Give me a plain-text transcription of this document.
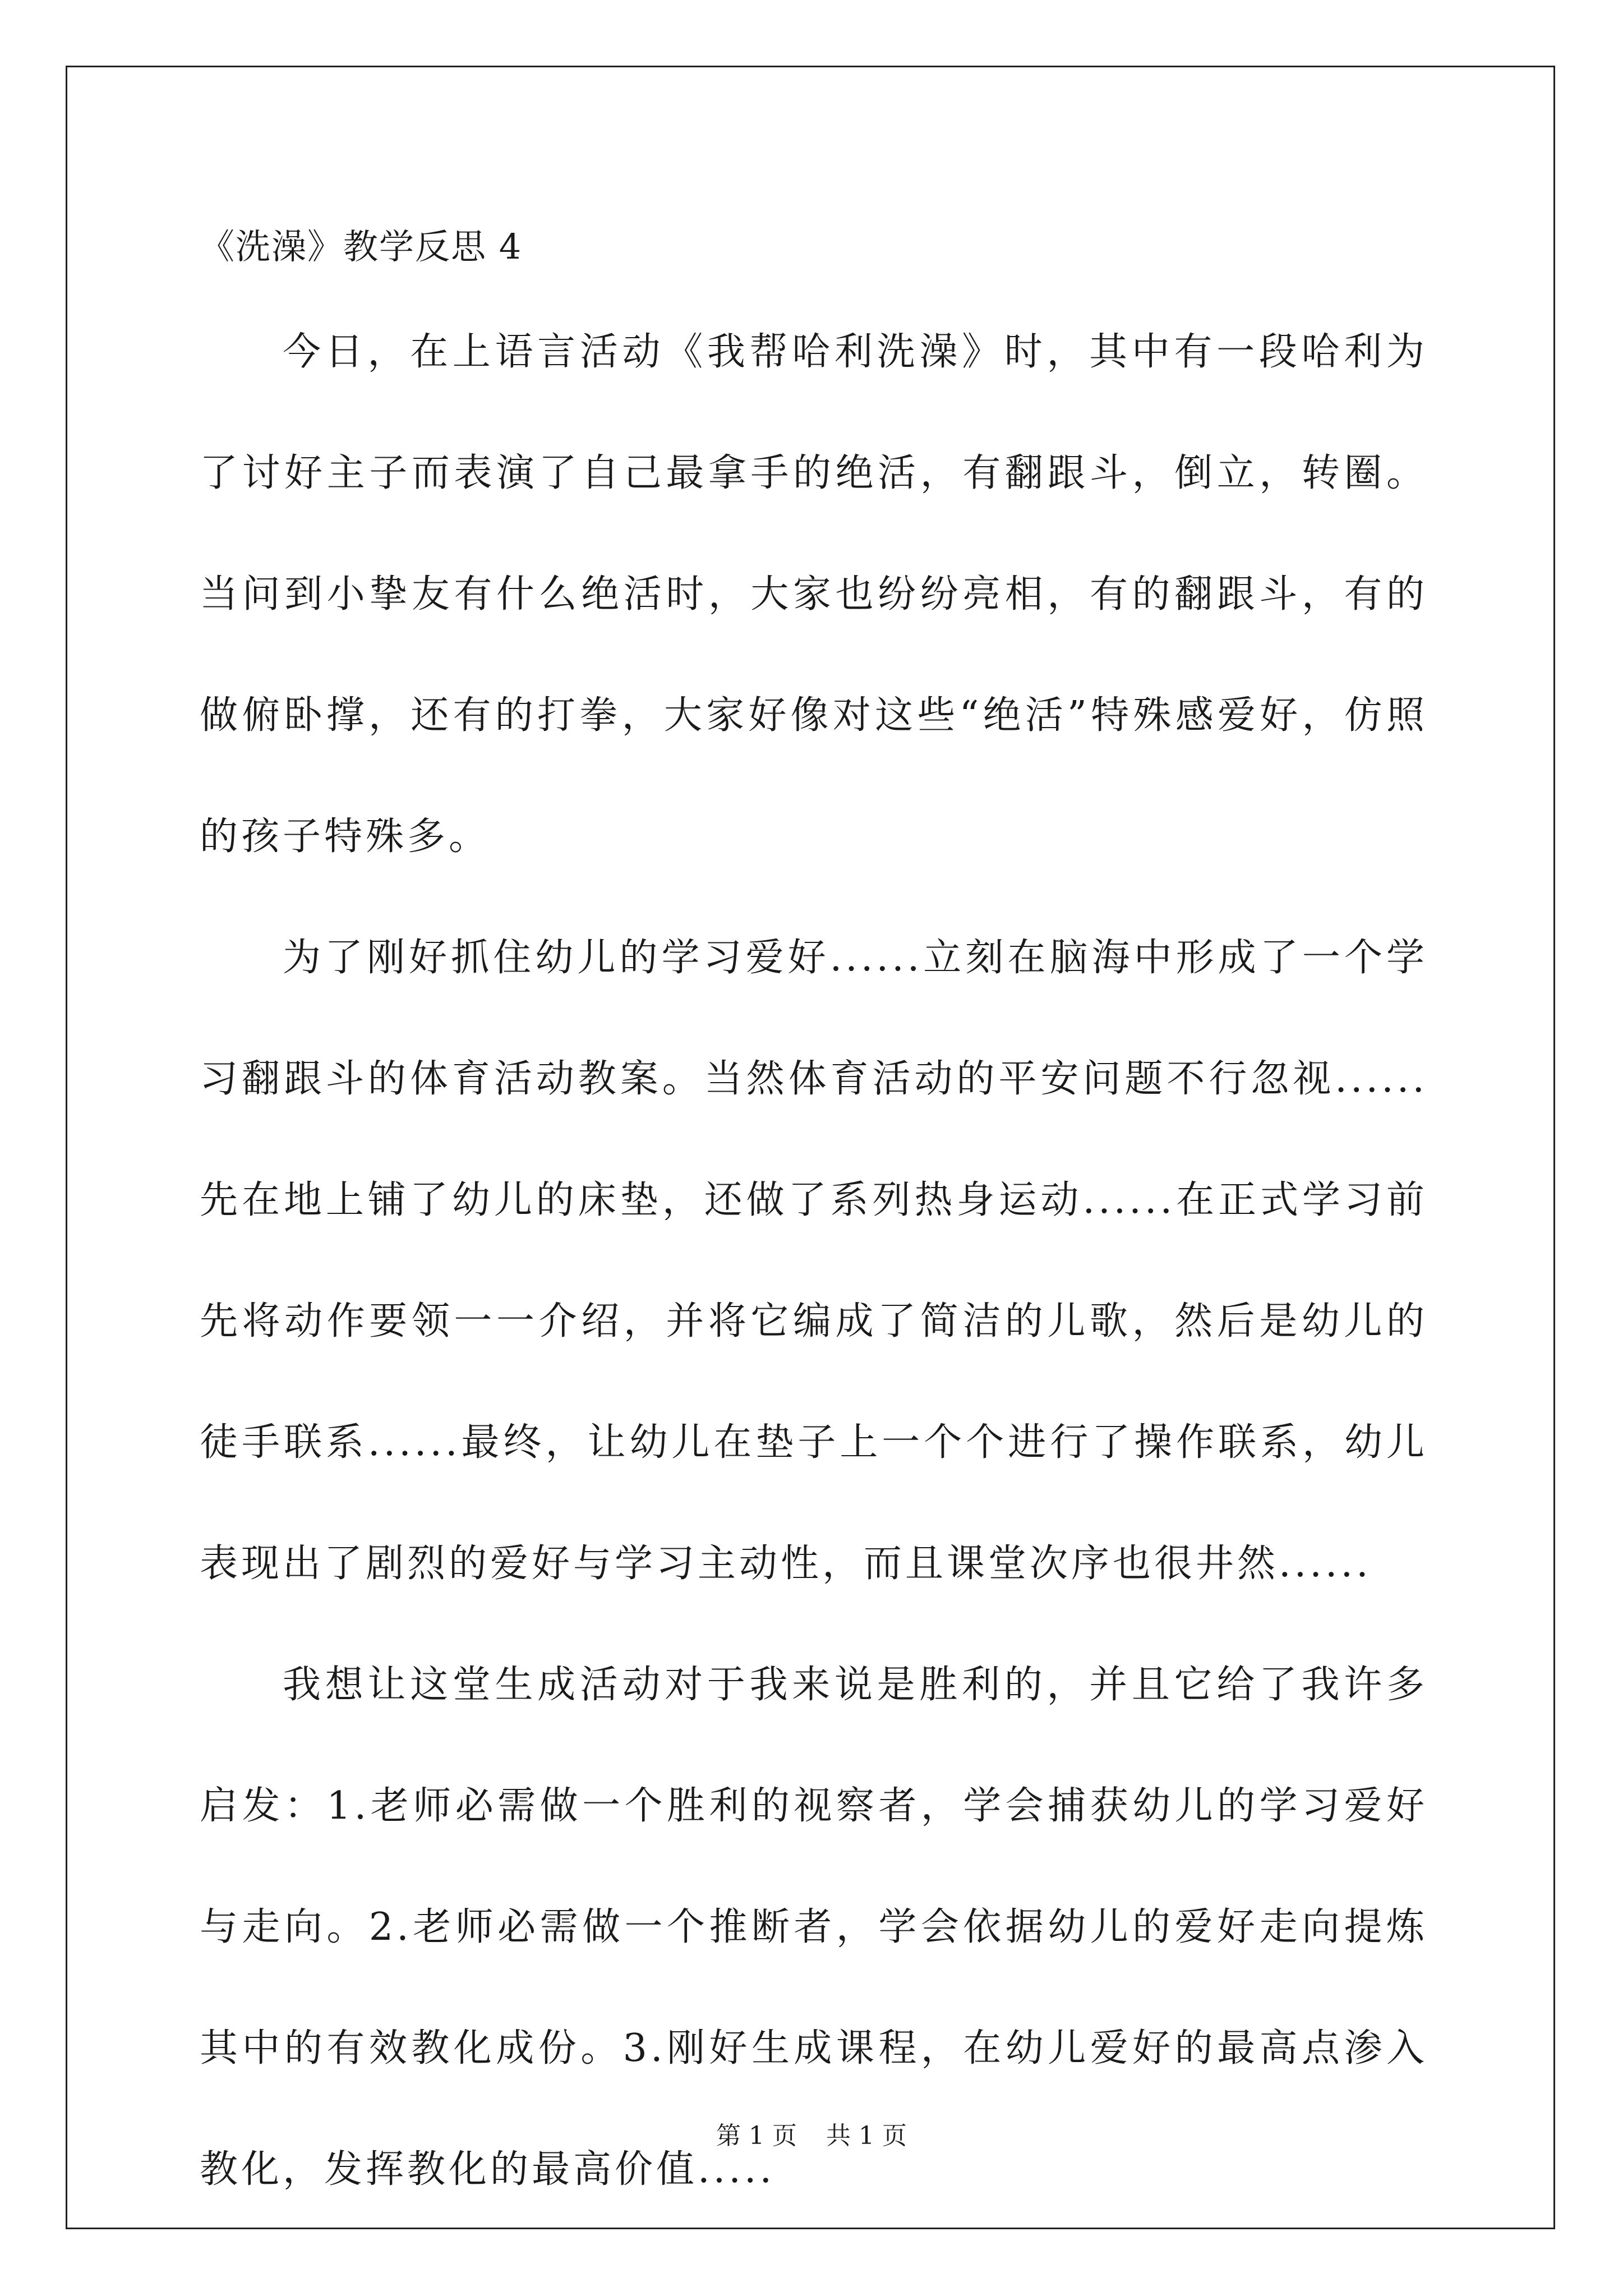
《洗澡》教学反思 4

今日，在上语言活动《我帮哈利洗澡》时，其中有一段哈利为了讨好主子而表演了自己最拿手的绝活，有翻跟斗，倒立，转圈。当问到小挚友有什么绝活时，大家也纷纷亮相，有的翻跟斗，有的做俯卧撑，还有的打拳，大家好像对这些“绝活”特殊感爱好，仿照的孩子特殊多。

为了刚好抓住幼儿的学习爱好......立刻在脑海中形成了一个学习翻跟斗的体育活动教案。当然体育活动的平安问题不行忽视......先在地上铺了幼儿的床垫，还做了系列热身运动......在正式学习前先将动作要领一一介绍，并将它编成了简洁的儿歌，然后是幼儿的徒手联系......最终，让幼儿在垫子上一个个进行了操作联系，幼儿表现出了剧烈的爱好与学习主动性，而且课堂次序也很井然......

我想让这堂生成活动对于我来说是胜利的，并且它给了我许多启发：1.老师必需做一个胜利的视察者，学会捕获幼儿的学习爱好与走向。2.老师必需做一个推断者，学会依据幼儿的爱好走向提炼其中的有效教化成份。3.刚好生成课程，在幼儿爱好的最高点渗入教化，发挥教化的最高价值.....

第 1 页 共 1 页
